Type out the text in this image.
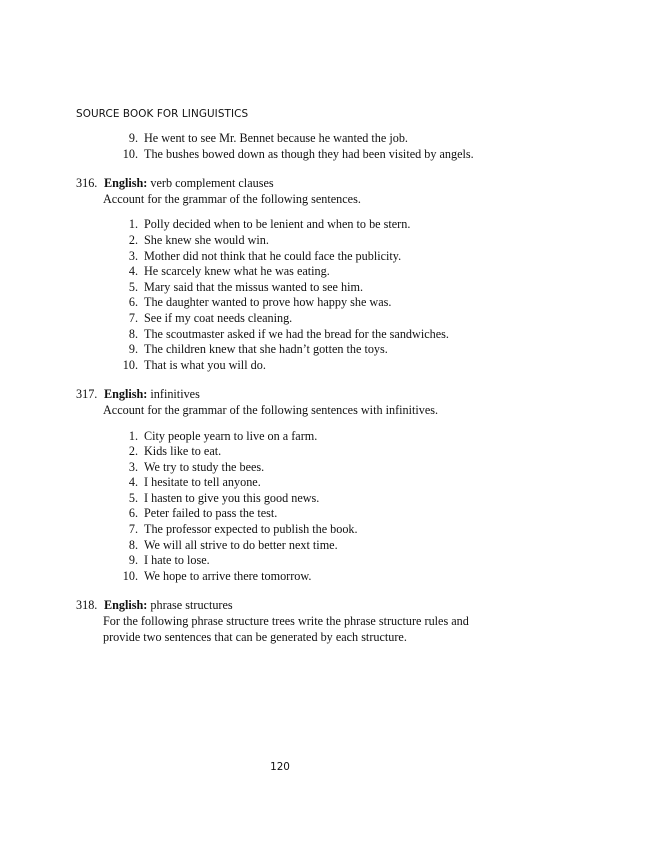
SOURCE BOOK FOR LINGUISTICS
9. He went to see Mr. Bennet because he wanted the job.
10. The bushes bowed down as though they had been visited by angels.
316. English: verb complement clauses
Account for the grammar of the following sentences.
1. Polly decided when to be lenient and when to be stern.
2. She knew she would win.
3. Mother did not think that he could face the publicity.
4. He scarcely knew what he was eating.
5. Mary said that the missus wanted to see him.
6. The daughter wanted to prove how happy she was.
7. See if my coat needs cleaning.
8. The scoutmaster asked if we had the bread for the sandwiches.
9. The children knew that she hadn’t gotten the toys.
10. That is what you will do.
317. English: infinitives
Account for the grammar of the following sentences with infinitives.
1. City people yearn to live on a farm.
2. Kids like to eat.
3. We try to study the bees.
4. I hesitate to tell anyone.
5. I hasten to give you this good news.
6. Peter failed to pass the test.
7. The professor expected to publish the book.
8. We will all strive to do better next time.
9. I hate to lose.
10. We hope to arrive there tomorrow.
318. English: phrase structures
For the following phrase structure trees write the phrase structure rules and provide two sentences that can be generated by each structure.
120
